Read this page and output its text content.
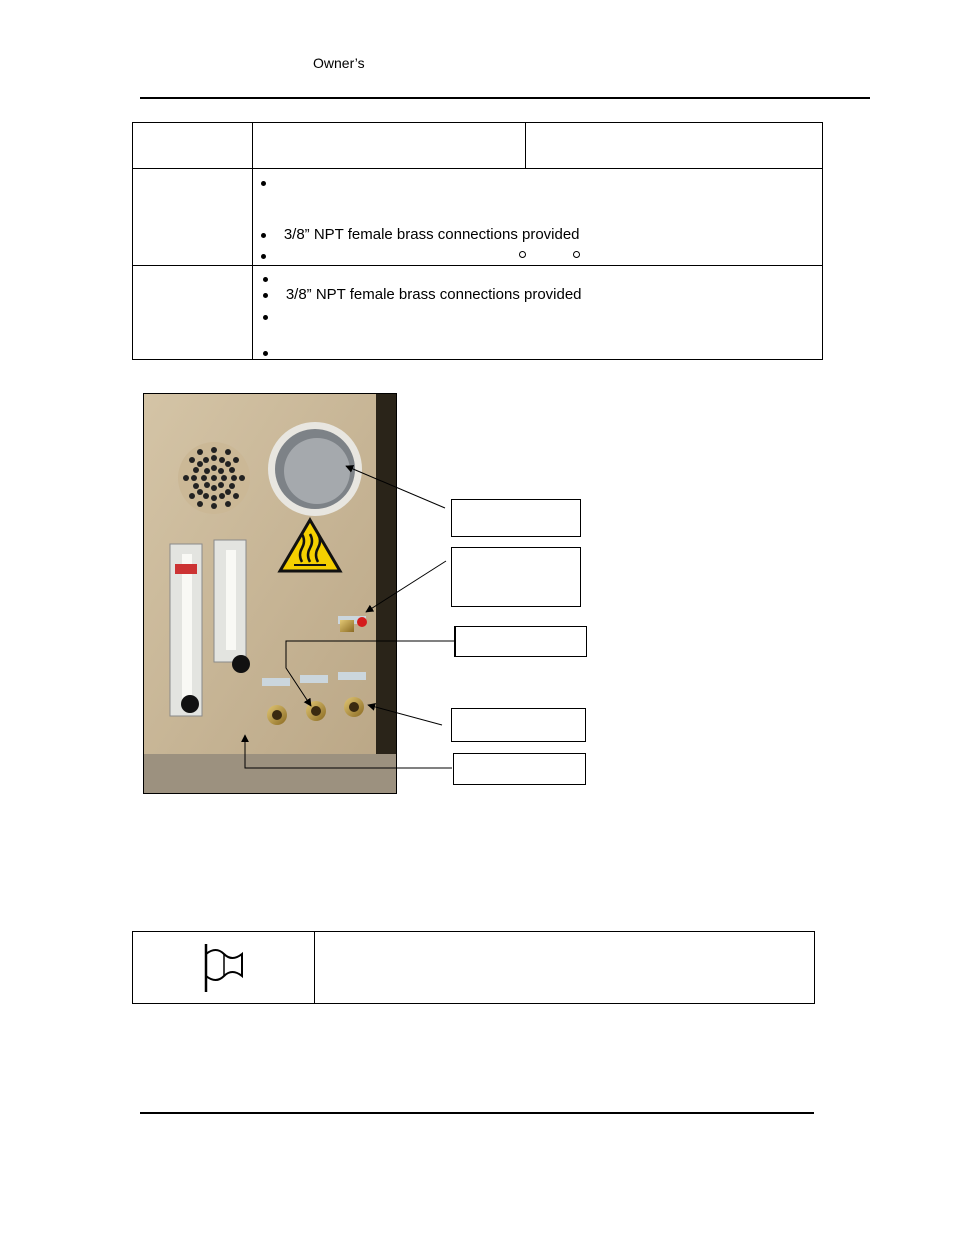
Owner’s

	3/8” NPT female brass connections provided	

	3/8” NPT female brass connections provided	
